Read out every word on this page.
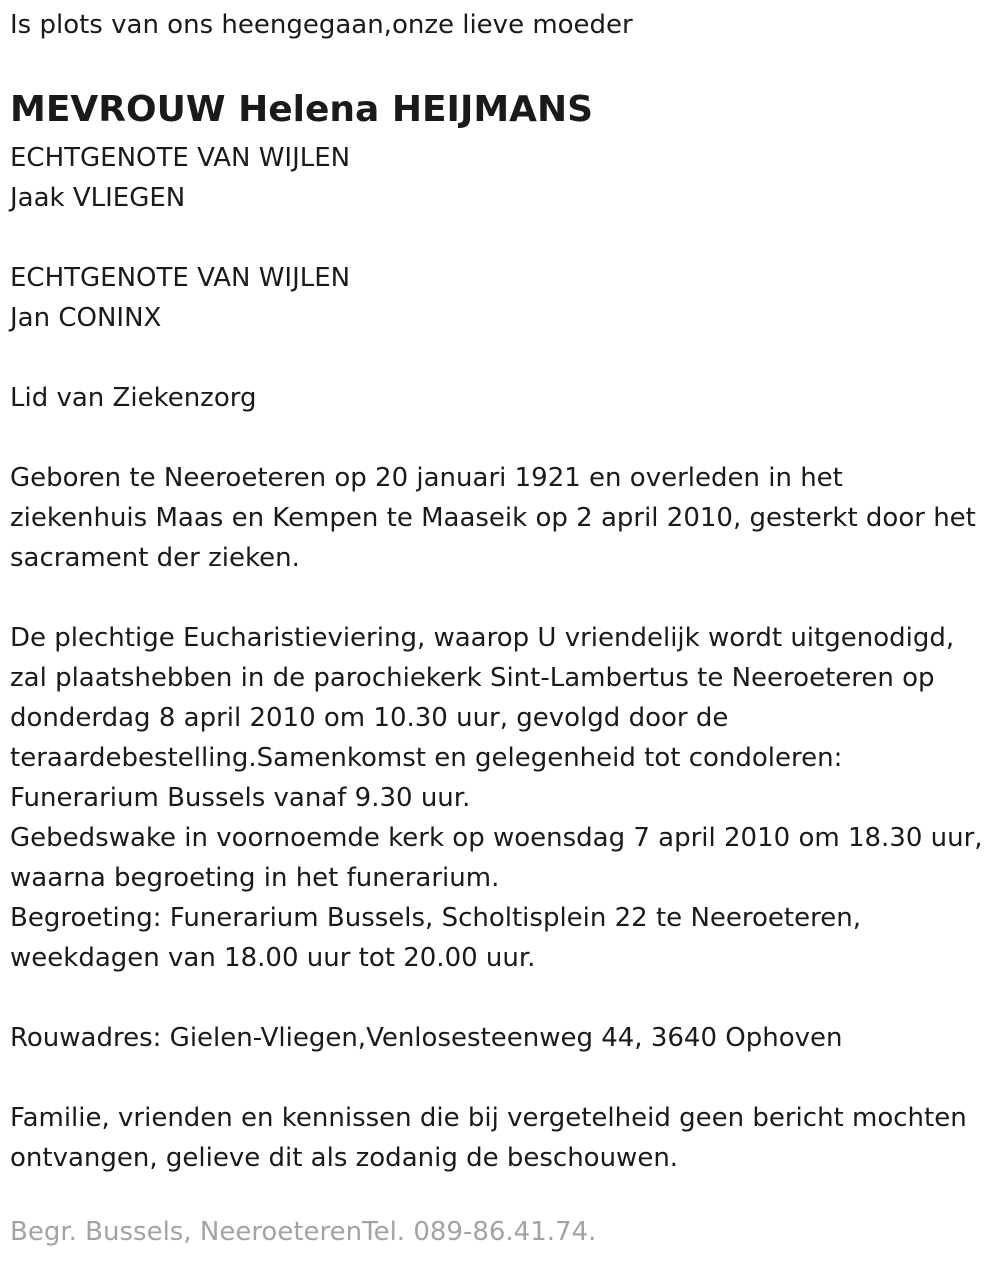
Is plots van ons heengegaan,onze lieve moeder

MEVROUW Helena HEIJMANS

ECHTGENOTE VAN WIJLEN

Jaak VLIEGEN

ECHTGENOTE VAN WIJLEN

Jan CONINX

Lid van Ziekenzorg

Geboren te Neeroeteren op 20 januari 1921 en overleden in het

ziekenhuis Maas en Kempen te Maaseik op 2 april 2010, gesterkt door het

sacrament der zieken.

De plechtige Eucharistieviering, waarop U vriendelijk wordt uitgenodigd,

zal plaatshebben in de parochiekerk Sint-Lambertus te Neeroeteren op

donderdag 8 april 2010 om 10.30 uur, gevolgd door de

teraardebestelling.Samenkomst en gelegenheid tot condoleren:

Funerarium Bussels vanaf 9.30 uur.

Gebedswake in voornoemde kerk op woensdag 7 april 2010 om 18.30 uur,

waarna begroeting in het funerarium.

Begroeting: Funerarium Bussels, Scholtisplein 22 te Neeroeteren,

weekdagen van 18.00 uur tot 20.00 uur.

Rouwadres: Gielen-Vliegen,Venlosesteenweg 44, 3640 Ophoven

Familie, vrienden en kennissen die bij vergetelheid geen bericht mochten

ontvangen, gelieve dit als zodanig de beschouwen.

Begr. Bussels, NeeroeterenTel. 089-86.41.74.
